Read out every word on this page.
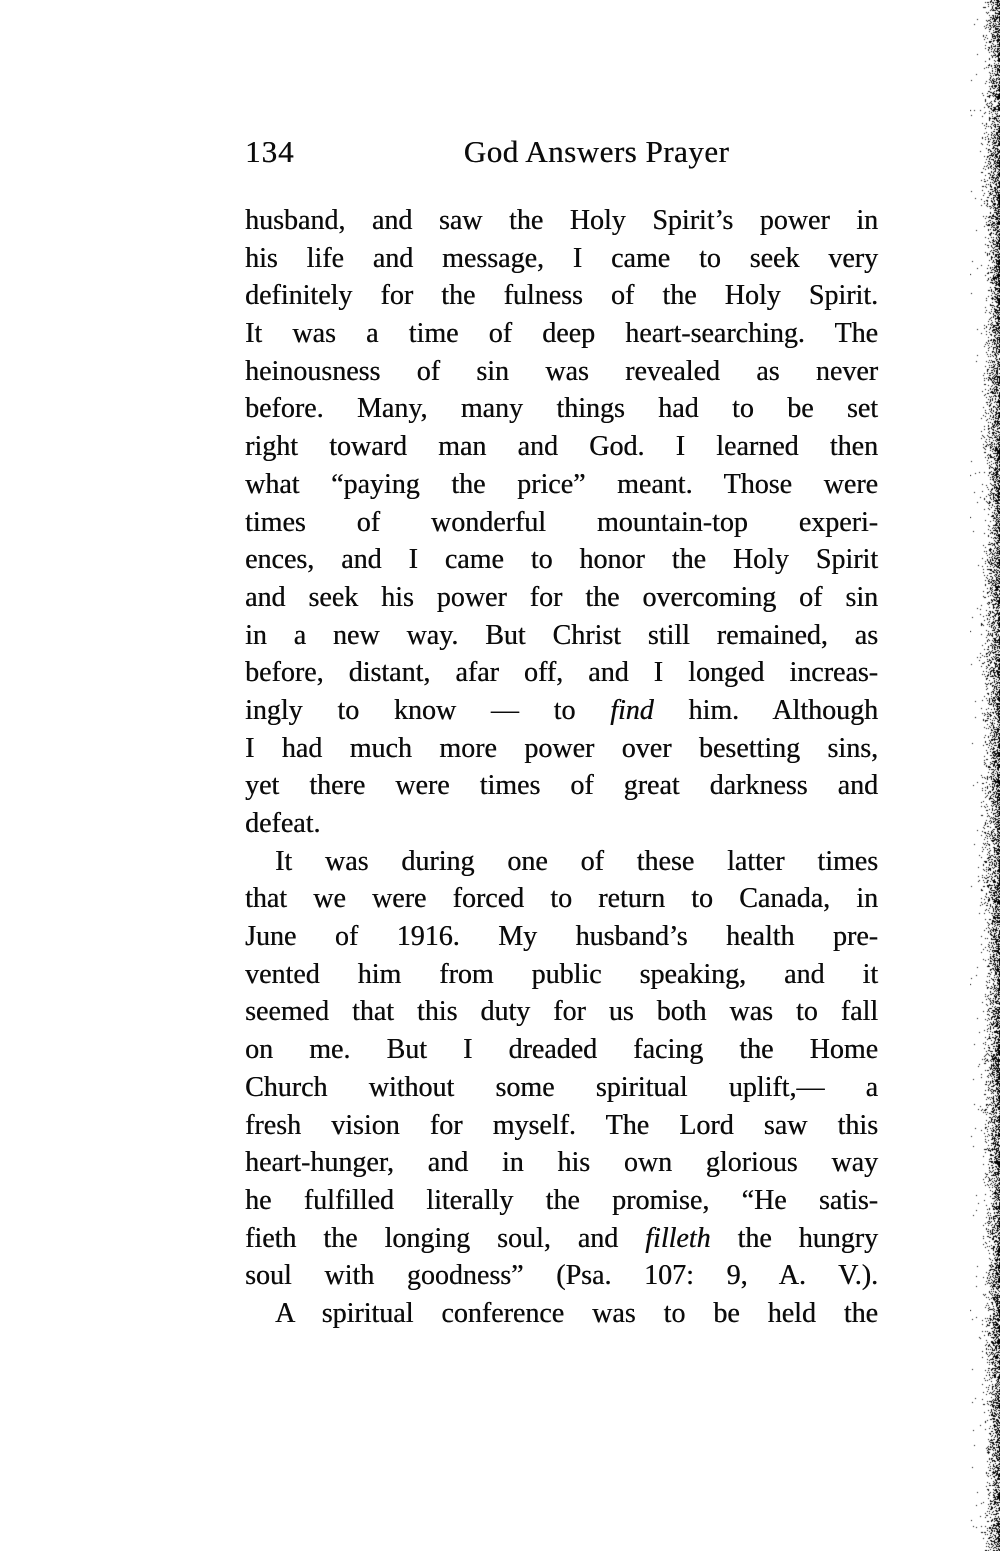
134	God Answers Prayer
husband, and saw the Holy Spirit’s power in
his life and message, I came to seek very
definitely for the fulness of the Holy Spirit.
It was a time of deep heart-searching. The
heinousness of sin was revealed as never
before. Many, many things had to be set
right toward man and God. I learned then
what “paying the price” meant. Those were
times of wonderful mountain-top experi-
ences, and I came to honor the Holy Spirit
and seek his power for the overcoming of sin
in a new way. But Christ still remained, as
before, distant, afar off, and I longed increas-
ingly to know — to find him. Although
I had much more power over besetting sins,
yet there were times of great darkness and
defeat.
It was during one of these latter times
that we were forced to return to Canada, in
June of 1916. My husband’s health pre-
vented him from public speaking, and it
seemed that this duty for us both was to fall
on me. But I dreaded facing the Home
Church without some spiritual uplift,— a
fresh vision for myself. The Lord saw this
heart-hunger, and in his own glorious way
he fulfilled literally the promise, “He satis-
fieth the longing soul, and filleth the hungry
soul with goodness” (Psa. 107: 9, A. V.).
A spiritual conference was to be held the
